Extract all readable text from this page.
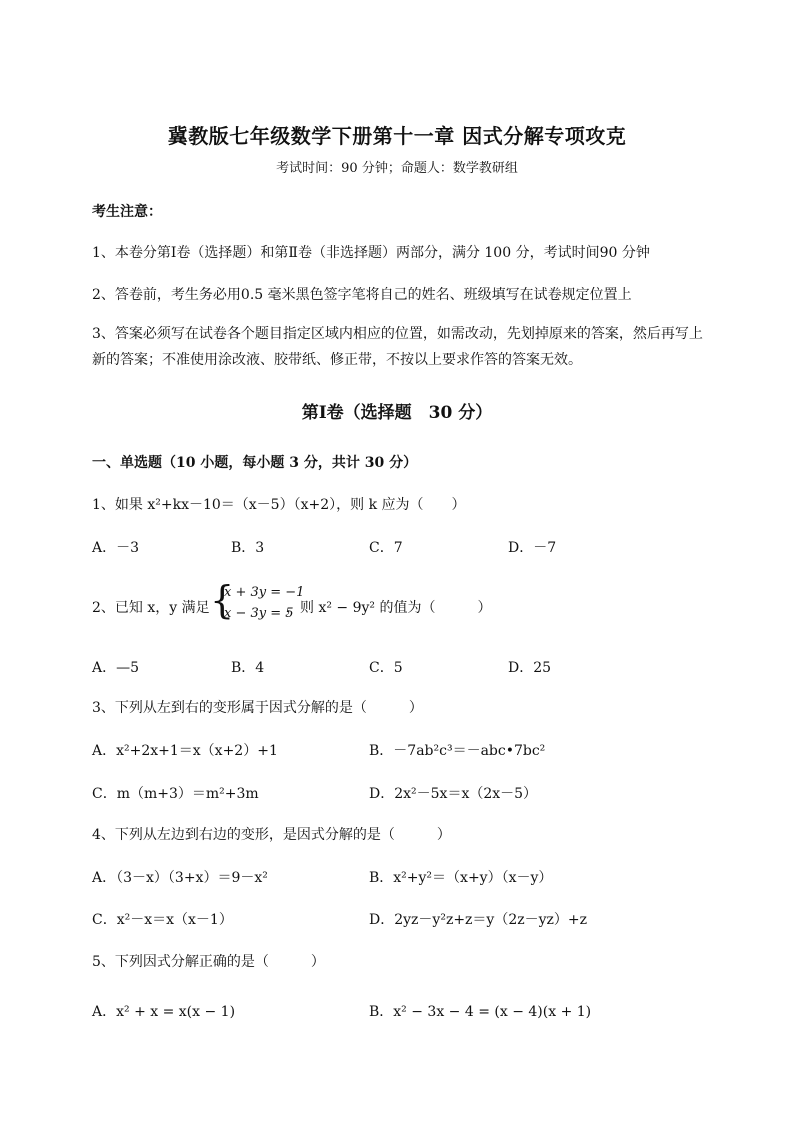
冀教版七年级数学下册第十一章 因式分解专项攻克
考试时间：90 分钟；命题人：数学教研组
考生注意：
1、本卷分第Ⅰ卷（选择题）和第Ⅱ卷（非选择题）两部分，满分 100 分，考试时间90 分钟
2、答卷前，考生务必用0.5 毫米黑色签字笔将自己的姓名、班级填写在试卷规定位置上
3、答案必须写在试卷各个题目指定区域内相应的位置，如需改动，先划掉原来的答案，然后再写上新的答案；不准使用涂改液、胶带纸、修正带，不按以上要求作答的答案无效。
第Ⅰ卷（选择题　30 分）
一、单选题（10 小题，每小题 3 分，共计 30 分）
1、如果 x²+kx－10＝（x－5）（x+2），则 k 应为（　　）
A．－3	B．3	C．7	D．－7
2、已知 x，y 满足 {
x + 3y = −1
x − 3y = 5
，则 x² − 9y² 的值为（　　　）
A．—5	B．4	C．5	D．25
3、下列从左到右的变形属于因式分解的是（　　　）
A．x²+2x+1＝x（x+2）+1	B．－7ab²c³＝－abc•7bc²
C．m（m+3）＝m²+3m	D．2x²－5x＝x（2x－5）
4、下列从左边到右边的变形，是因式分解的是（　　　）
A．（3－x）（3+x）＝9－x²	B．x²+y²＝（x+y）（x－y）
C．x²－x＝x（x－1）	D．2yz－y²z+z＝y（2z－yz）+z
5、下列因式分解正确的是（　　　）
A．x² + x = x(x − 1)	B．x² − 3x − 4 = (x − 4)(x + 1)
